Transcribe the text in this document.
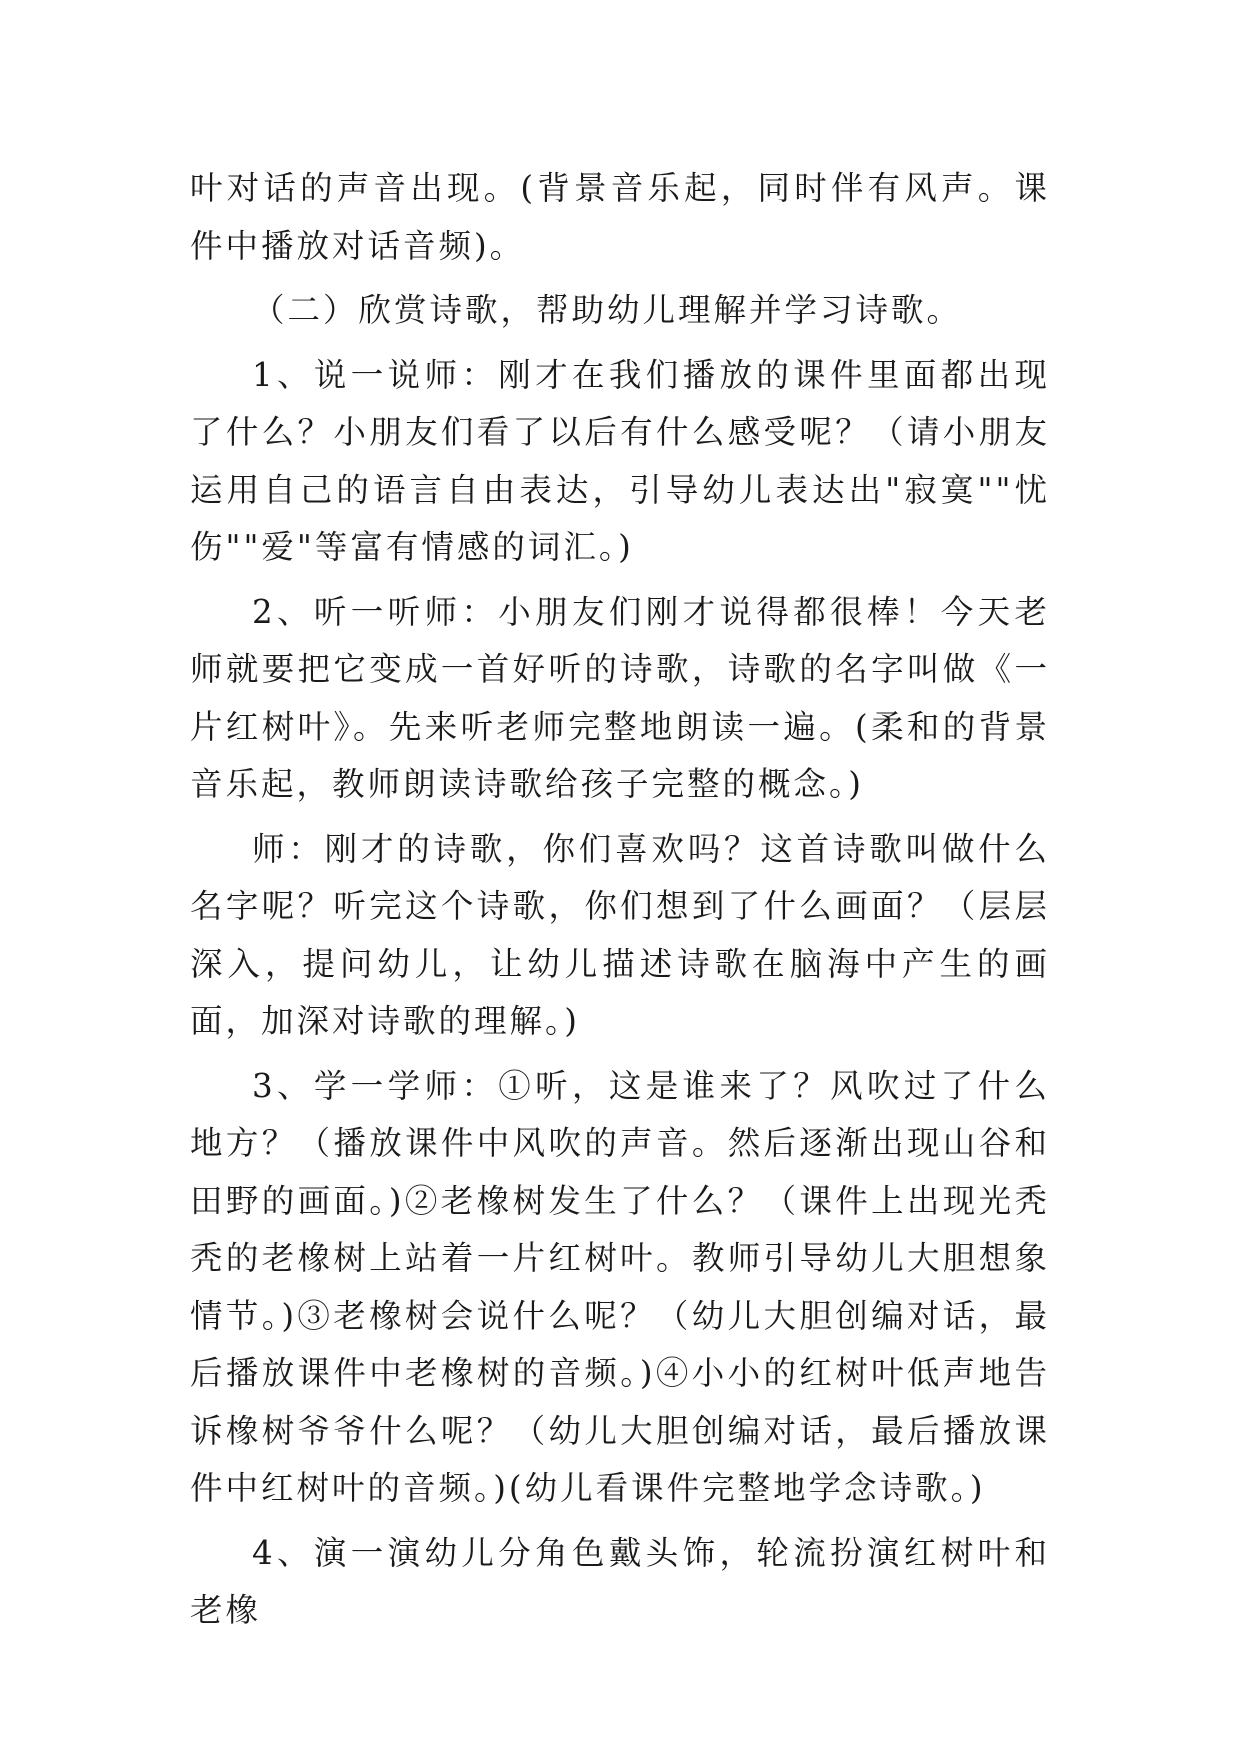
叶对话的声音出现。(背景音乐起，同时伴有风声。课件中播放对话音频)。

（二）欣赏诗歌，帮助幼儿理解并学习诗歌。

1、说一说师：刚才在我们播放的课件里面都出现了什么？小朋友们看了以后有什么感受呢？（请小朋友运用自己的语言自由表达，引导幼儿表达出"寂寞""忧伤""爱"等富有情感的词汇。)

2、听一听师：小朋友们刚才说得都很棒！今天老师就要把它变成一首好听的诗歌，诗歌的名字叫做《一片红树叶》。先来听老师完整地朗读一遍。(柔和的背景音乐起，教师朗读诗歌给孩子完整的概念。)

师：刚才的诗歌，你们喜欢吗？这首诗歌叫做什么名字呢？听完这个诗歌，你们想到了什么画面？（层层深入，提问幼儿，让幼儿描述诗歌在脑海中产生的画面，加深对诗歌的理解。)

3、学一学师：①听，这是谁来了？风吹过了什么地方？（播放课件中风吹的声音。然后逐渐出现山谷和田野的画面。)②老橡树发生了什么？（课件上出现光秃秃的老橡树上站着一片红树叶。教师引导幼儿大胆想象情节。)③老橡树会说什么呢？（幼儿大胆创编对话，最后播放课件中老橡树的音频。)④小小的红树叶低声地告诉橡树爷爷什么呢？（幼儿大胆创编对话，最后播放课件中红树叶的音频。)(幼儿看课件完整地学念诗歌。)

4、演一演幼儿分角色戴头饰，轮流扮演红树叶和老橡
